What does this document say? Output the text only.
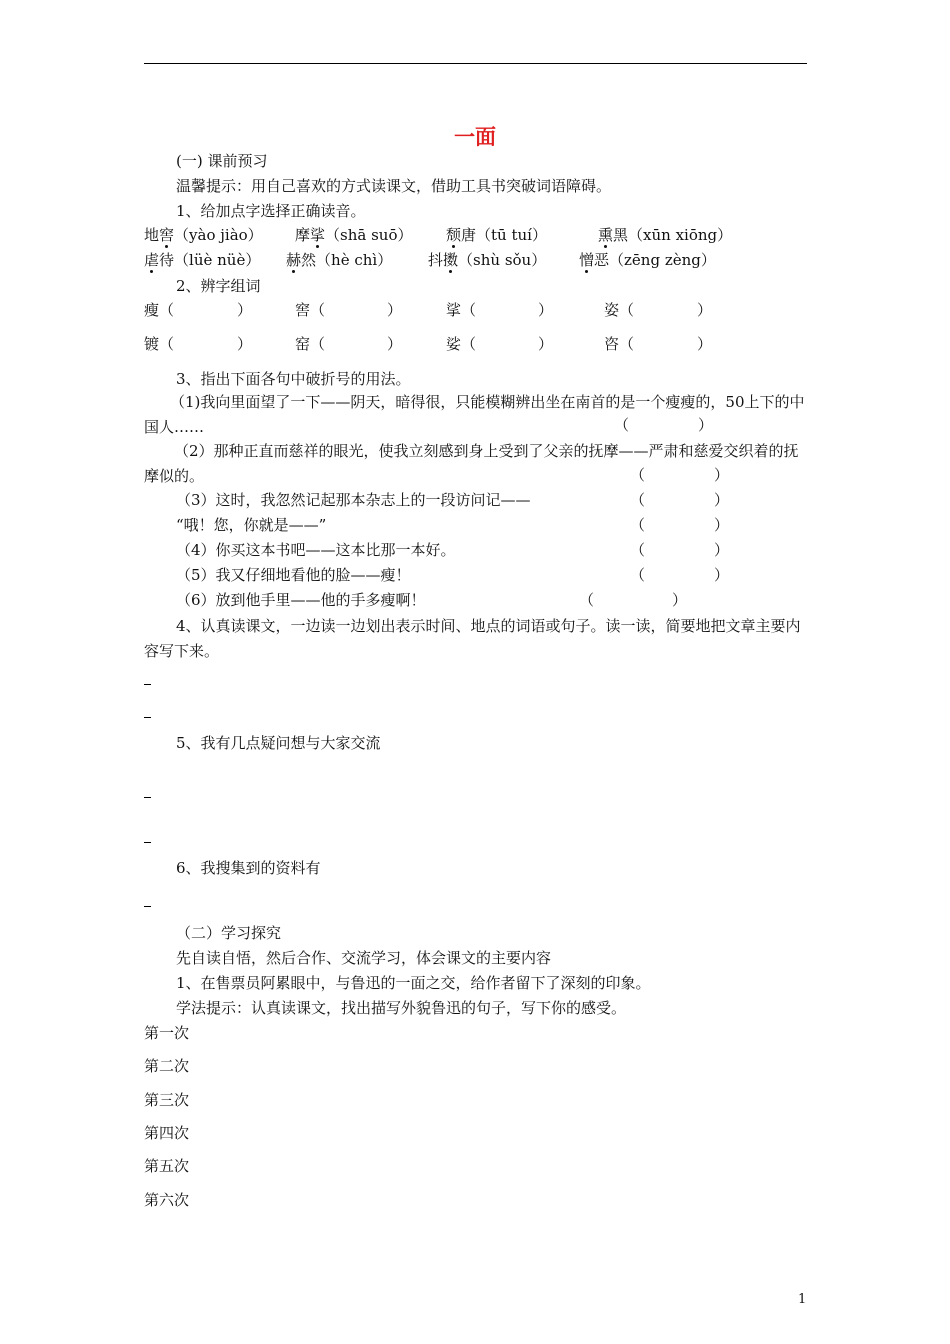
一面
(一) 课前预习
温馨提示：用自己喜欢的方式读课文，借助工具书突破词语障碍。
1、给加点字选择正确读音。
地窖（yào jiào） 摩挲（shā suō） 颓唐（tū tuí）	熏黑（xūn xiōng）
虐待（lüè nüè） 赫然（hè chì） 抖擞（shù sǒu） 憎恶（zēng zèng）
2、辨字组词
瘦（	）	窖（	）	挲（	）	姿（	）
镀（	）	窑（	）	娑（	）	咨（	）
3、指出下面各句中破折号的用法。
（1)我向里面望了一下——阴天，暗得很，只能模糊辨出坐在南首的是一个瘦瘦的，50上下的中国人……	（	）
（2）那种正直而慈祥的眼光，使我立刻感到身上受到了父亲的抚摩——严肃和慈爱交织着的抚摩似的。	（	）
（3）这时，我忽然记起那本杂志上的一段访问记——	（	）
“哦！您，你就是——”	（	）
（4）你买这本书吧——这本比那一本好。	（	）
（5）我又仔细地看他的脸——瘦！	（	）
（6）放到他手里——他的手多瘦啊！	（	）
4、认真读课文，一边读一边划出表示时间、地点的词语或句子。读一读，简要地把文章主要内容写下来。
5、我有几点疑问想与大家交流
6、我搜集到的资料有
（二）学习探究
先自读自悟，然后合作、交流学习，体会课文的主要内容
1、在售票员阿累眼中，与鲁迅的一面之交，给作者留下了深刻的印象。
学法提示：认真读课文，找出描写外貌鲁迅的句子，写下你的感受。
第一次
第二次
第三次
第四次
第五次
第六次
1
